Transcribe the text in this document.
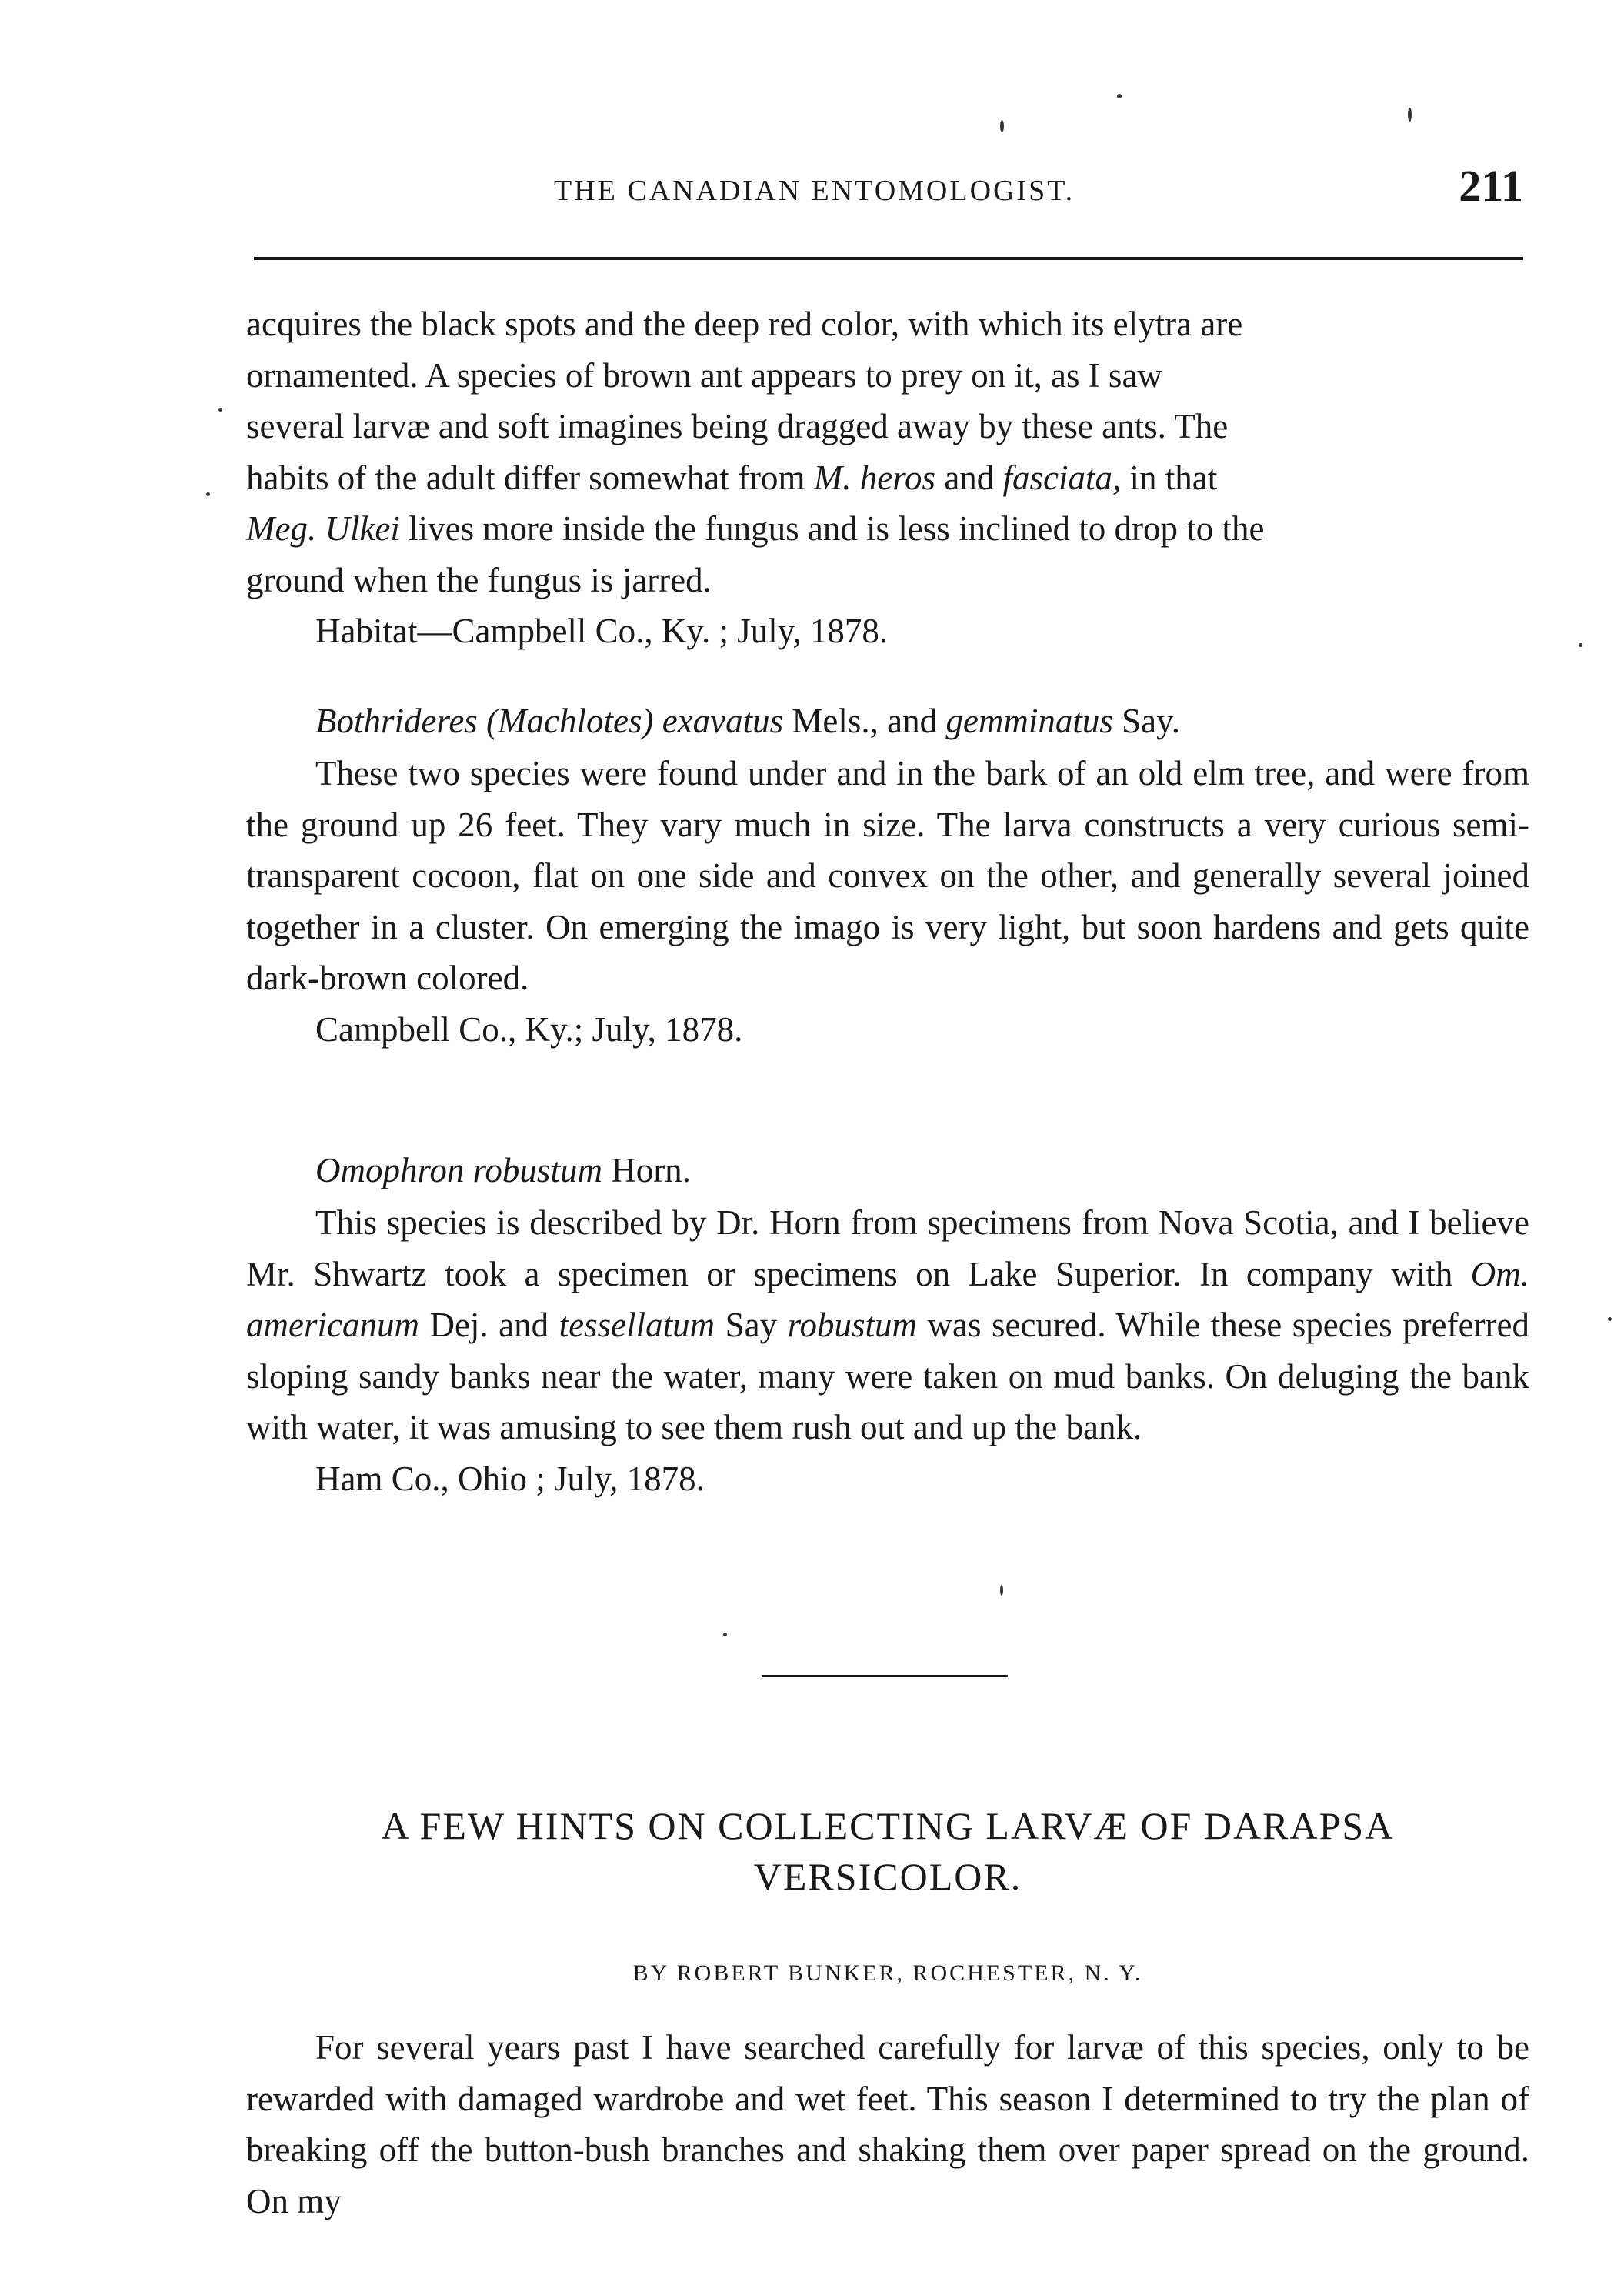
THE CANADIAN ENTOMOLOGIST.	211

acquires the black spots and the deep red color, with which its elytra are

ornamented. A species of brown ant appears to prey on it, as I saw

several larvæ and soft imagines being dragged away by these ants. The

habits of the adult differ somewhat from M. heros and fasciata, in that

Meg. Ulkei lives more inside the fungus and is less inclined to drop to the

ground when the fungus is jarred.

Habitat—Campbell Co., Ky. ; July, 1878.

Bothrideres (Machlotes) exavatus Mels., and gemminatus Say.

These two species were found under and in the bark of an old elm tree, and were from the ground up 26 feet. They vary much in size. The larva constructs a very curious semi-transparent cocoon, flat on one side and convex on the other, and generally several joined together in a cluster. On emerging the imago is very light, but soon hardens and gets quite dark-brown colored.

Campbell Co., Ky.; July, 1878.

Omophron robustum Horn.

This species is described by Dr. Horn from specimens from Nova Scotia, and I believe Mr. Shwartz took a specimen or specimens on Lake Superior. In company with Om. americanum Dej. and tessellatum Say robustum was secured. While these species preferred sloping sandy banks near the water, many were taken on mud banks. On deluging the bank with water, it was amusing to see them rush out and up the bank.

Ham Co., Ohio ; July, 1878.

A FEW HINTS ON COLLECTING LARVÆ OF DARAPSA
VERSICOLOR.
BY ROBERT BUNKER, ROCHESTER, N. Y.

For several years past I have searched carefully for larvæ of this species, only to be rewarded with damaged wardrobe and wet feet. This season I determined to try the plan of breaking off the button-bush branches and shaking them over paper spread on the ground. On my
